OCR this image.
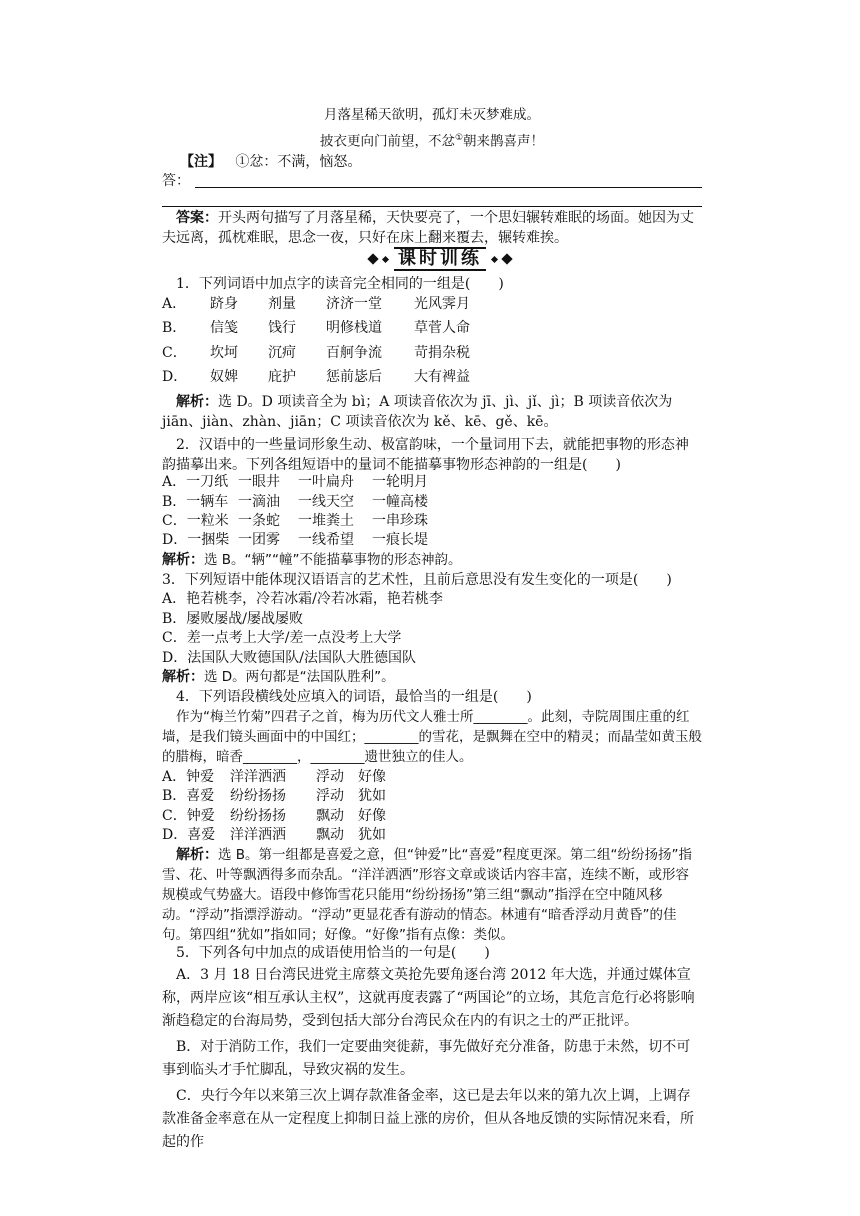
月落星稀天欲明，孤灯未灭梦难成。
披衣更向门前望，不忿①朝来鹊喜声！
【注】 ①忿：不满，恼怒。
答：
答案：开头两句描写了月落星稀，天快要亮了，一个思妇辗转难眠的场面。她因为丈夫远离，孤枕难眠，思念一夜，只好在床上翻来覆去，辗转难挨。
课时训练
1．下列词语中加点字的读音完全相同的一组是(　　)
A． 跻身 剂量 济济一堂 光风霁月
B． 信笺 饯行 明修栈道 草菅人命
C． 坎坷 沉疴 百舸争流 苛捐杂税
D． 奴婢 庇护 惩前毖后 大有裨益
解析：选 D。D 项读音全为 bì；A 项读音依次为 jī、jì、jǐ、jì；B 项读音依次为 jiān、jiàn、zhàn、jiān；C 项读音依次为 kě、kē、gě、kē。
2．汉语中的一些量词形象生动、极富韵味，一个量词用下去，就能把事物的形态神韵描摹出来。下列各组短语中的量词不能描摹事物形态神韵的一组是(　　)
A．一刀纸 一眼井 一叶扁舟 一轮明月
B．一辆车 一滴油 一线天空 一幢高楼
C．一粒米 一条蛇 一堆粪土 一串珍珠
D．一捆柴 一团雾 一线希望 一痕长堤
解析：选 B。“辆”“幢”不能描摹事物的形态神韵。
3．下列短语中能体现汉语语言的艺术性，且前后意思没有发生变化的一项是(　　)
A．艳若桃李，冷若冰霜/冷若冰霜，艳若桃李
B．屡败屡战/屡战屡败
C．差一点考上大学/差一点没考上大学
D．法国队大败德国队/法国队大胜德国队
解析：选 D。两句都是“法国队胜利”。
4．下列语段横线处应填入的词语，最恰当的一组是(　　)
作为“梅兰竹菊”四君子之首，梅为历代文人雅士所________。此刻，寺院周围庄重的红墙，是我们镜头画面中的中国红；________的雪花，是飘舞在空中的精灵；而晶莹如黄玉般的腊梅，暗香________，________遗世独立的佳人。
A．钟爱 洋洋洒洒 浮动 好像
B．喜爱 纷纷扬扬 浮动 犹如
C．钟爱 纷纷扬扬 飘动 好像
D．喜爱 洋洋洒洒 飘动 犹如
解析：选 B。第一组都是喜爱之意，但“钟爱”比“喜爱”程度更深。第二组“纷纷扬扬”指雪、花、叶等飘洒得多而杂乱。“洋洋洒洒”形容文章或谈话内容丰富，连续不断，或形容规模或气势盛大。语段中修饰雪花只能用“纷纷扬扬”第三组“飘动”指浮在空中随风移动。“浮动”指漂浮游动。“浮动”更显花香有游动的情态。林逋有“暗香浮动月黄昏”的佳句。第四组“犹如”指如同；好像。“好像”指有点像：类似。
5．下列各句中加点的成语使用恰当的一句是(　　)
A．3 月 18 日台湾民进党主席蔡文英抢先要角逐台湾 2012 年大选，并通过媒体宣称，两岸应该“相互承认主权”，这就再度表露了“两国论”的立场，其危言危行必将影响渐趋稳定的台海局势，受到包括大部分台湾民众在内的有识之士的严正批评。
B．对于消防工作，我们一定要曲突徙薪，事先做好充分准备，防患于未然，切不可事到临头才手忙脚乱，导致灾祸的发生。
C．央行今年以来第三次上调存款准备金率，这已是去年以来的第九次上调，上调存款准备金率意在从一定程度上抑制日益上涨的房价，但从各地反馈的实际情况来看，所起的作
